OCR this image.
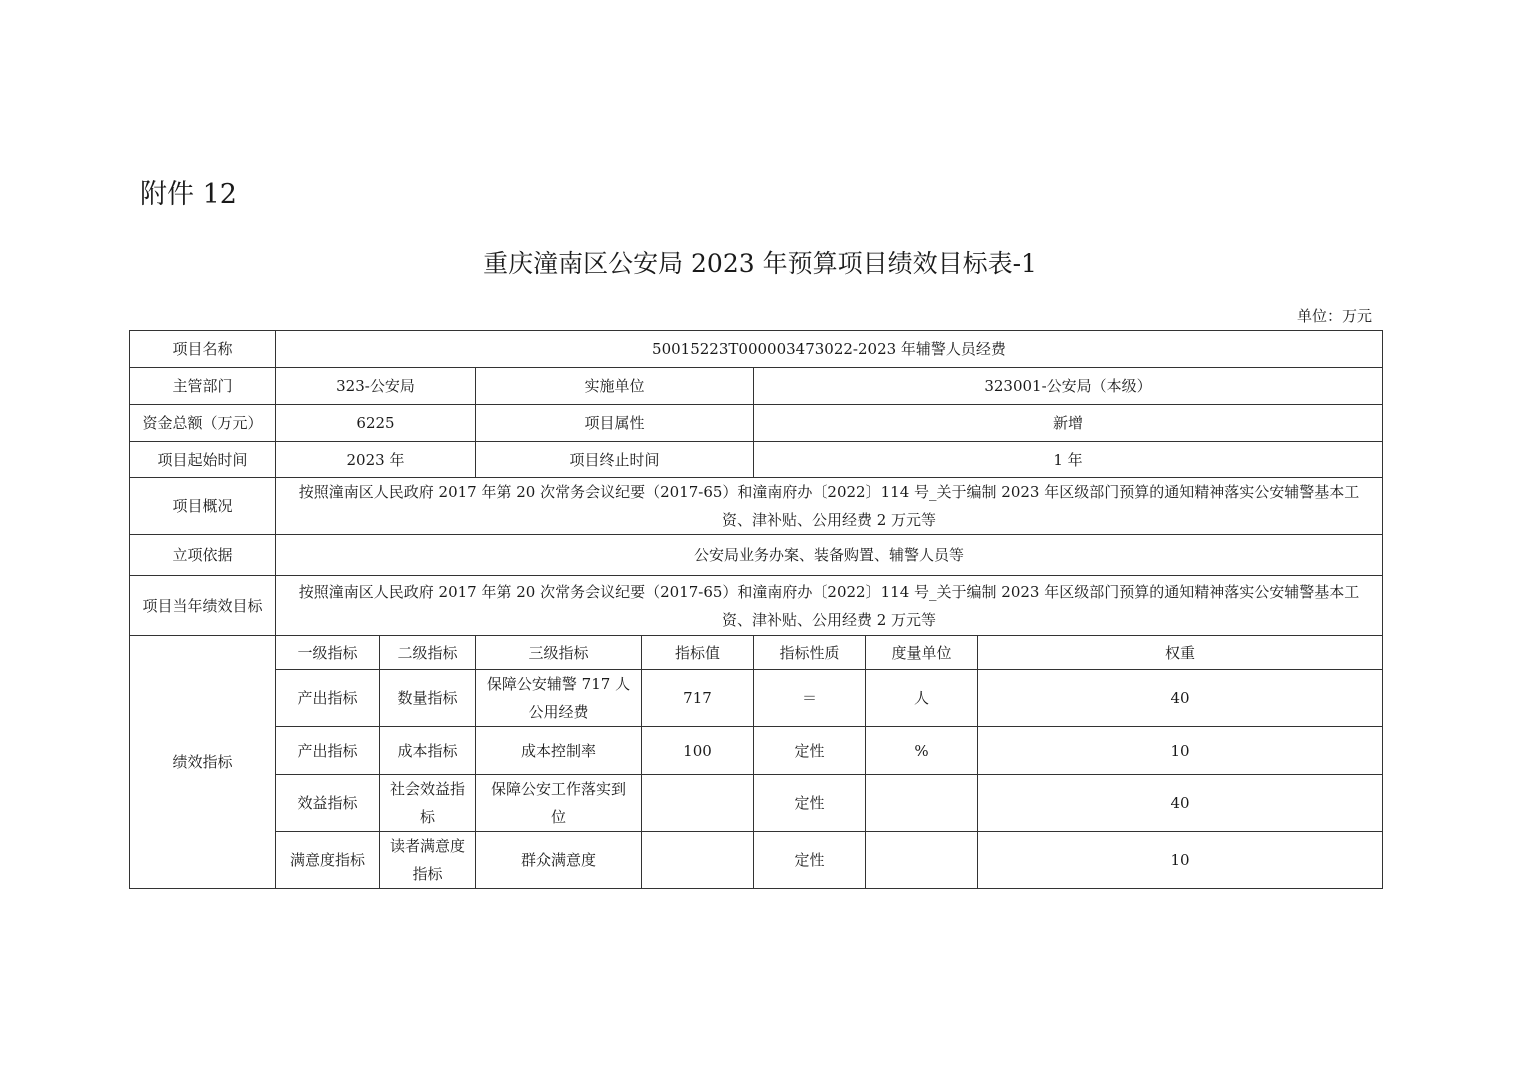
附件 12
重庆潼南区公安局 2023 年预算项目绩效目标表-1
单位：万元
项目名称	50015223T000003473022-2023 年辅警人员经费						
主管部门	323-公安局		实施单位		323001-公安局（本级）		
资金总额（万元）	6225		项目属性		新增		
项目起始时间	2023 年		项目终止时间		1 年		
项目概况	按照潼南区人民政府 2017 年第 20 次常务会议纪要（2017-65）和潼南府办〔2022〕114 号_关于编制 2023 年区级部门预算的通知精神落实公安辅警基本工资、津补贴、公用经费 2 万元等						
立项依据	公安局业务办案、装备购置、辅警人员等						
项目当年绩效目标	按照潼南区人民政府 2017 年第 20 次常务会议纪要（2017-65）和潼南府办〔2022〕114 号_关于编制 2023 年区级部门预算的通知精神落实公安辅警基本工资、津补贴、公用经费 2 万元等						
绩效指标	一级指标	二级指标	三级指标	指标值	指标性质	度量单位	权重
	产出指标	数量指标	保障公安辅警 717 人公用经费	717	＝	人	40
	产出指标	成本指标	成本控制率	100	定性	%	10
	效益指标	社会效益指标	保障公安工作落实到位		定性		40
	满意度指标	读者满意度指标	群众满意度		定性		10
